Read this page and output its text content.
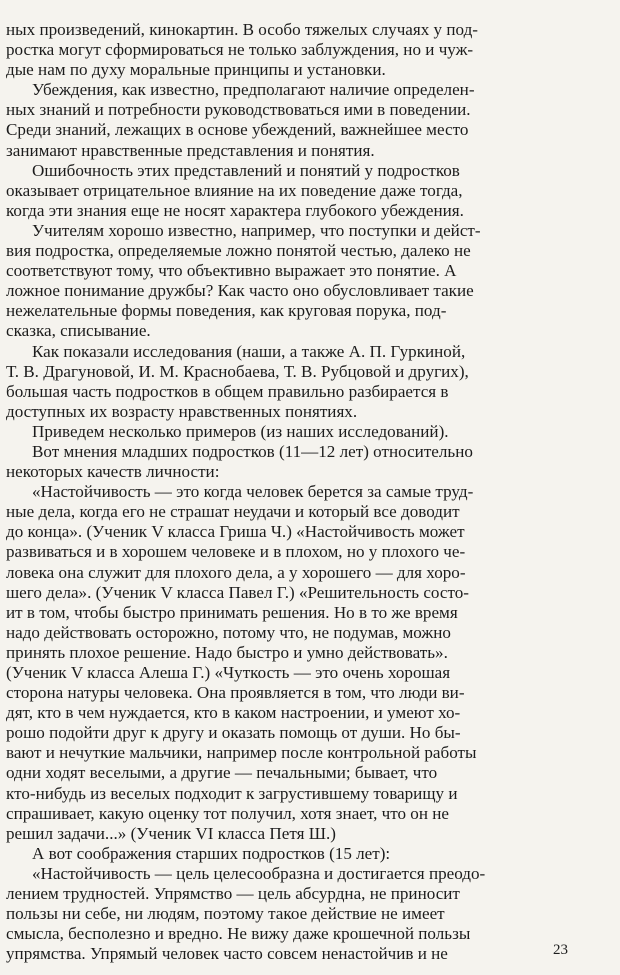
ных произведений, кинокартин. В особо тяжелых случаях у под-
ростка могут сформироваться не только заблуждения, но и чуж-
дые нам по духу моральные принципы и установки.
Убеждения, как известно, предполагают наличие определен-
ных знаний и потребности руководствоваться ими в поведении.
Среди знаний, лежащих в основе убеждений, важнейшее место
занимают нравственные представления и понятия.
Ошибочность этих представлений и понятий у подростков
оказывает отрицательное влияние на их поведение даже тогда,
когда эти знания еще не носят характера глубокого убеждения.
Учителям хорошо известно, например, что поступки и дейст-
вия подростка, определяемые ложно понятой честью, далеко не
соответствуют тому, что объективно выражает это понятие. А
ложное понимание дружбы? Как часто оно обусловливает такие
нежелательные формы поведения, как круговая порука, под-
сказка, списывание.
Как показали исследования (наши, а также А. П. Гуркиной,
Т. В. Драгуновой, И. М. Краснобаева, Т. В. Рубцовой и других),
большая часть подростков в общем правильно разбирается в
доступных их возрасту нравственных понятиях.
Приведем несколько примеров (из наших исследований).
Вот мнения младших подростков (11—12 лет) относительно
некоторых качеств личности:
«Настойчивость — это когда человек берется за самые труд-
ные дела, когда его не страшат неудачи и который все доводит
до конца». (Ученик V класса Гриша Ч.) «Настойчивость может
развиваться и в хорошем человеке и в плохом, но у плохого че-
ловека она служит для плохого дела, а у хорошего — для хоро-
шего дела». (Ученик V класса Павел Г.) «Решительность состо-
ит в том, чтобы быстро принимать решения. Но в то же время
надо действовать осторожно, потому что, не подумав, можно
принять плохое решение. Надо быстро и умно действовать».
(Ученик V класса Алеша Г.) «Чуткость — это очень хорошая
сторона натуры человека. Она проявляется в том, что люди ви-
дят, кто в чем нуждается, кто в каком настроении, и умеют хо-
рошо подойти друг к другу и оказать помощь от души. Но бы-
вают и нечуткие мальчики, например после контрольной работы
одни ходят веселыми, а другие — печальными; бывает, что
кто-нибудь из веселых подходит к загрустившему товарищу и
спрашивает, какую оценку тот получил, хотя знает, что он не
решил задачи...» (Ученик VI класса Петя Ш.)
А вот соображения старших подростков (15 лет):
«Настойчивость — цель целесообразна и достигается преодо-
лением трудностей. Упрямство — цель абсурдна, не приносит
пользы ни себе, ни людям, поэтому такое действие не имеет
смысла, бесполезно и вредно. Не вижу даже крошечной пользы
упрямства. Упрямый человек часто совсем ненастойчив и не	23
